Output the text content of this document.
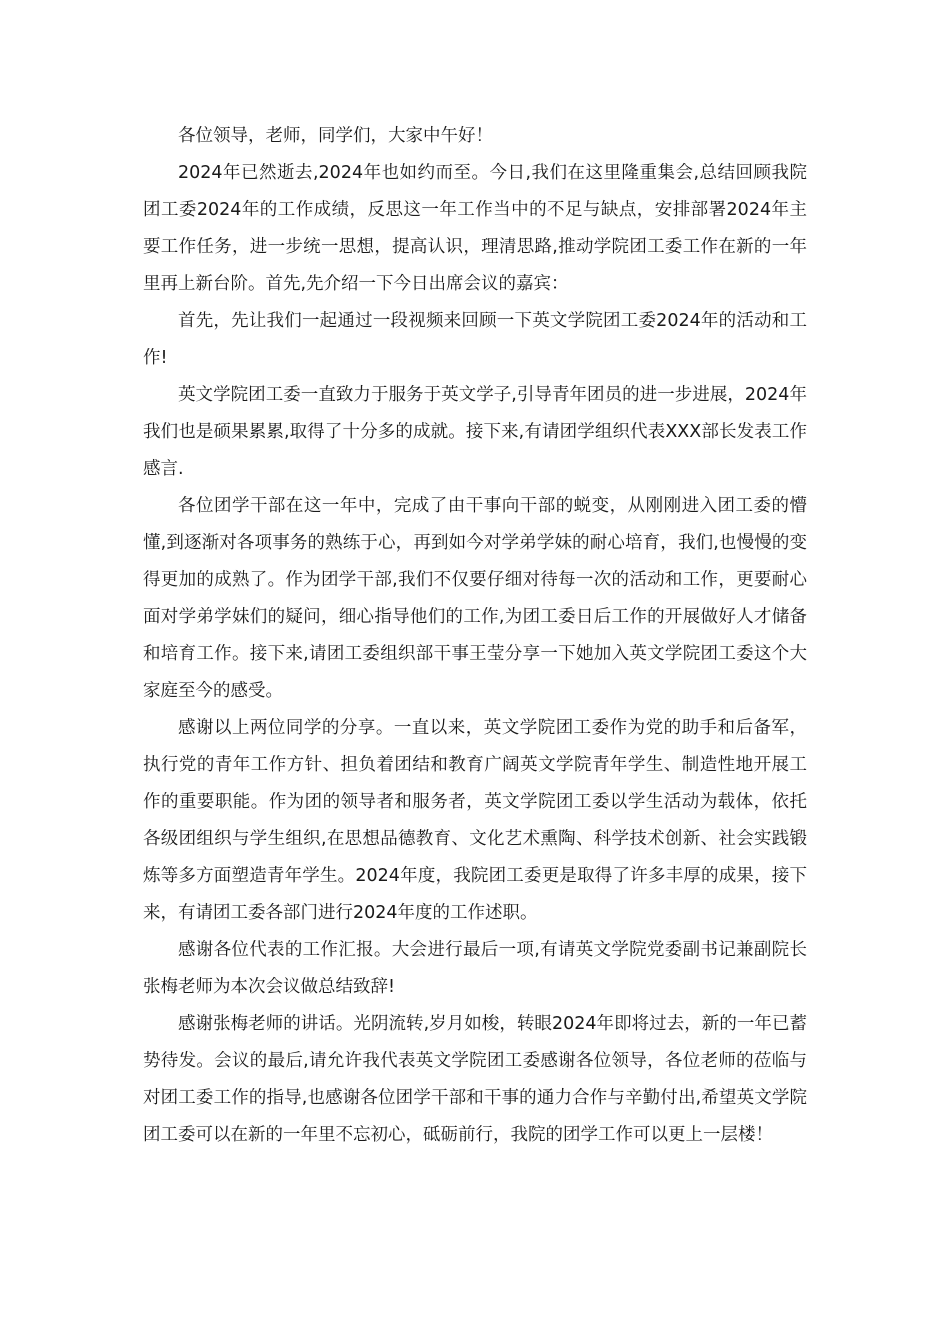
各位领导，老师，同学们，大家中午好！

2024年已然逝去,2024年也如约而至。今日,我们在这里隆重集会,总结回顾我院团工委2024年的工作成绩，反思这一年工作当中的不足与缺点，安排部署2024年主要工作任务，进一步统一思想，提高认识，理清思路,推动学院团工委工作在新的一年里再上新台阶。首先,先介绍一下今日出席会议的嘉宾：

首先，先让我们一起通过一段视频来回顾一下英文学院团工委2024年的活动和工作!

英文学院团工委一直致力于服务于英文学子,引导青年团员的进一步进展，2024年我们也是硕果累累,取得了十分多的成就。接下来,有请团学组织代表XXX部长发表工作感言.

各位团学干部在这一年中，完成了由干事向干部的蜕变，从刚刚进入团工委的懵懂,到逐渐对各项事务的熟练于心，再到如今对学弟学妹的耐心培育，我们,也慢慢的变得更加的成熟了。作为团学干部,我们不仅要仔细对待每一次的活动和工作，更要耐心面对学弟学妹们的疑问，细心指导他们的工作,为团工委日后工作的开展做好人才储备和培育工作。接下来,请团工委组织部干事王莹分享一下她加入英文学院团工委这个大家庭至今的感受。

感谢以上两位同学的分享。一直以来，英文学院团工委作为党的助手和后备军，执行党的青年工作方针、担负着团结和教育广阔英文学院青年学生、制造性地开展工作的重要职能。作为团的领导者和服务者，英文学院团工委以学生活动为载体，依托各级团组织与学生组织,在思想品德教育、文化艺术熏陶、科学技术创新、社会实践锻炼等多方面塑造青年学生。2024年度，我院团工委更是取得了许多丰厚的成果，接下来，有请团工委各部门进行2024年度的工作述职。

感谢各位代表的工作汇报。大会进行最后一项,有请英文学院党委副书记兼副院长张梅老师为本次会议做总结致辞!

感谢张梅老师的讲话。光阴流转,岁月如梭，转眼2024年即将过去，新的一年已蓄势待发。会议的最后,请允许我代表英文学院团工委感谢各位领导，各位老师的莅临与对团工委工作的指导,也感谢各位团学干部和干事的通力合作与辛勤付出,希望英文学院团工委可以在新的一年里不忘初心，砥砺前行，我院的团学工作可以更上一层楼！
